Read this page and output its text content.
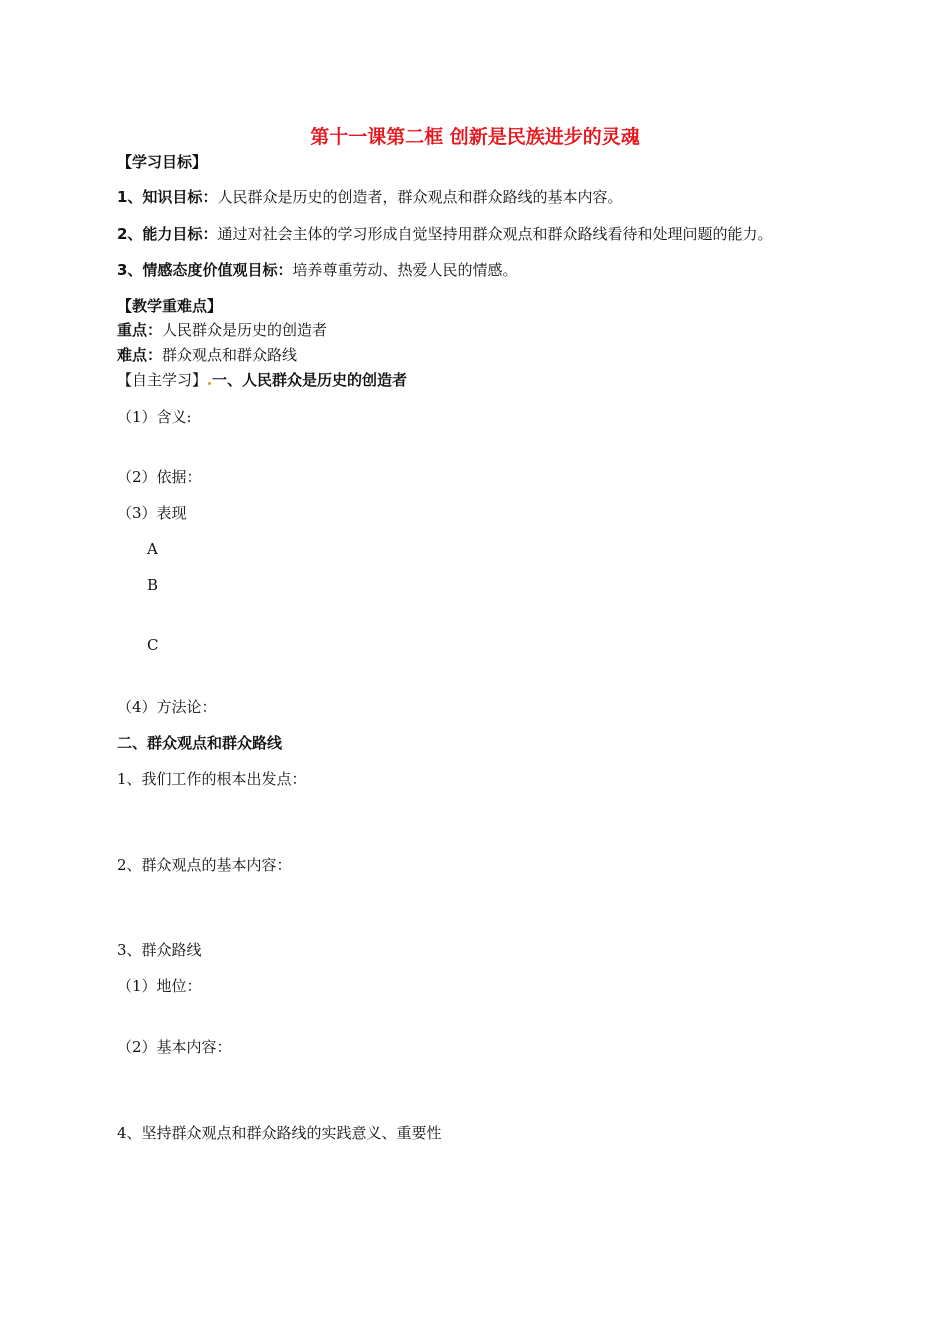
第十一课第二框 创新是民族进步的灵魂
【学习目标】
1、知识目标：人民群众是历史的创造者，群众观点和群众路线的基本内容。
2、能力目标：通过对社会主体的学习形成自觉坚持用群众观点和群众路线看待和处理问题的能力。
3、情感态度价值观目标：培养尊重劳动、热爱人民的情感。
【教学重难点】
重点：人民群众是历史的创造者
难点：群众观点和群众路线
【自主学习】 一、人民群众是历史的创造者
（1）含义:
（2）依据：
（3）表现
A
B
C
（4）方法论：
二、群众观点和群众路线
1、我们工作的根本出发点：
2、群众观点的基本内容：
3、群众路线
（1）地位：
（2）基本内容：
4、坚持群众观点和群众路线的实践意义、重要性
